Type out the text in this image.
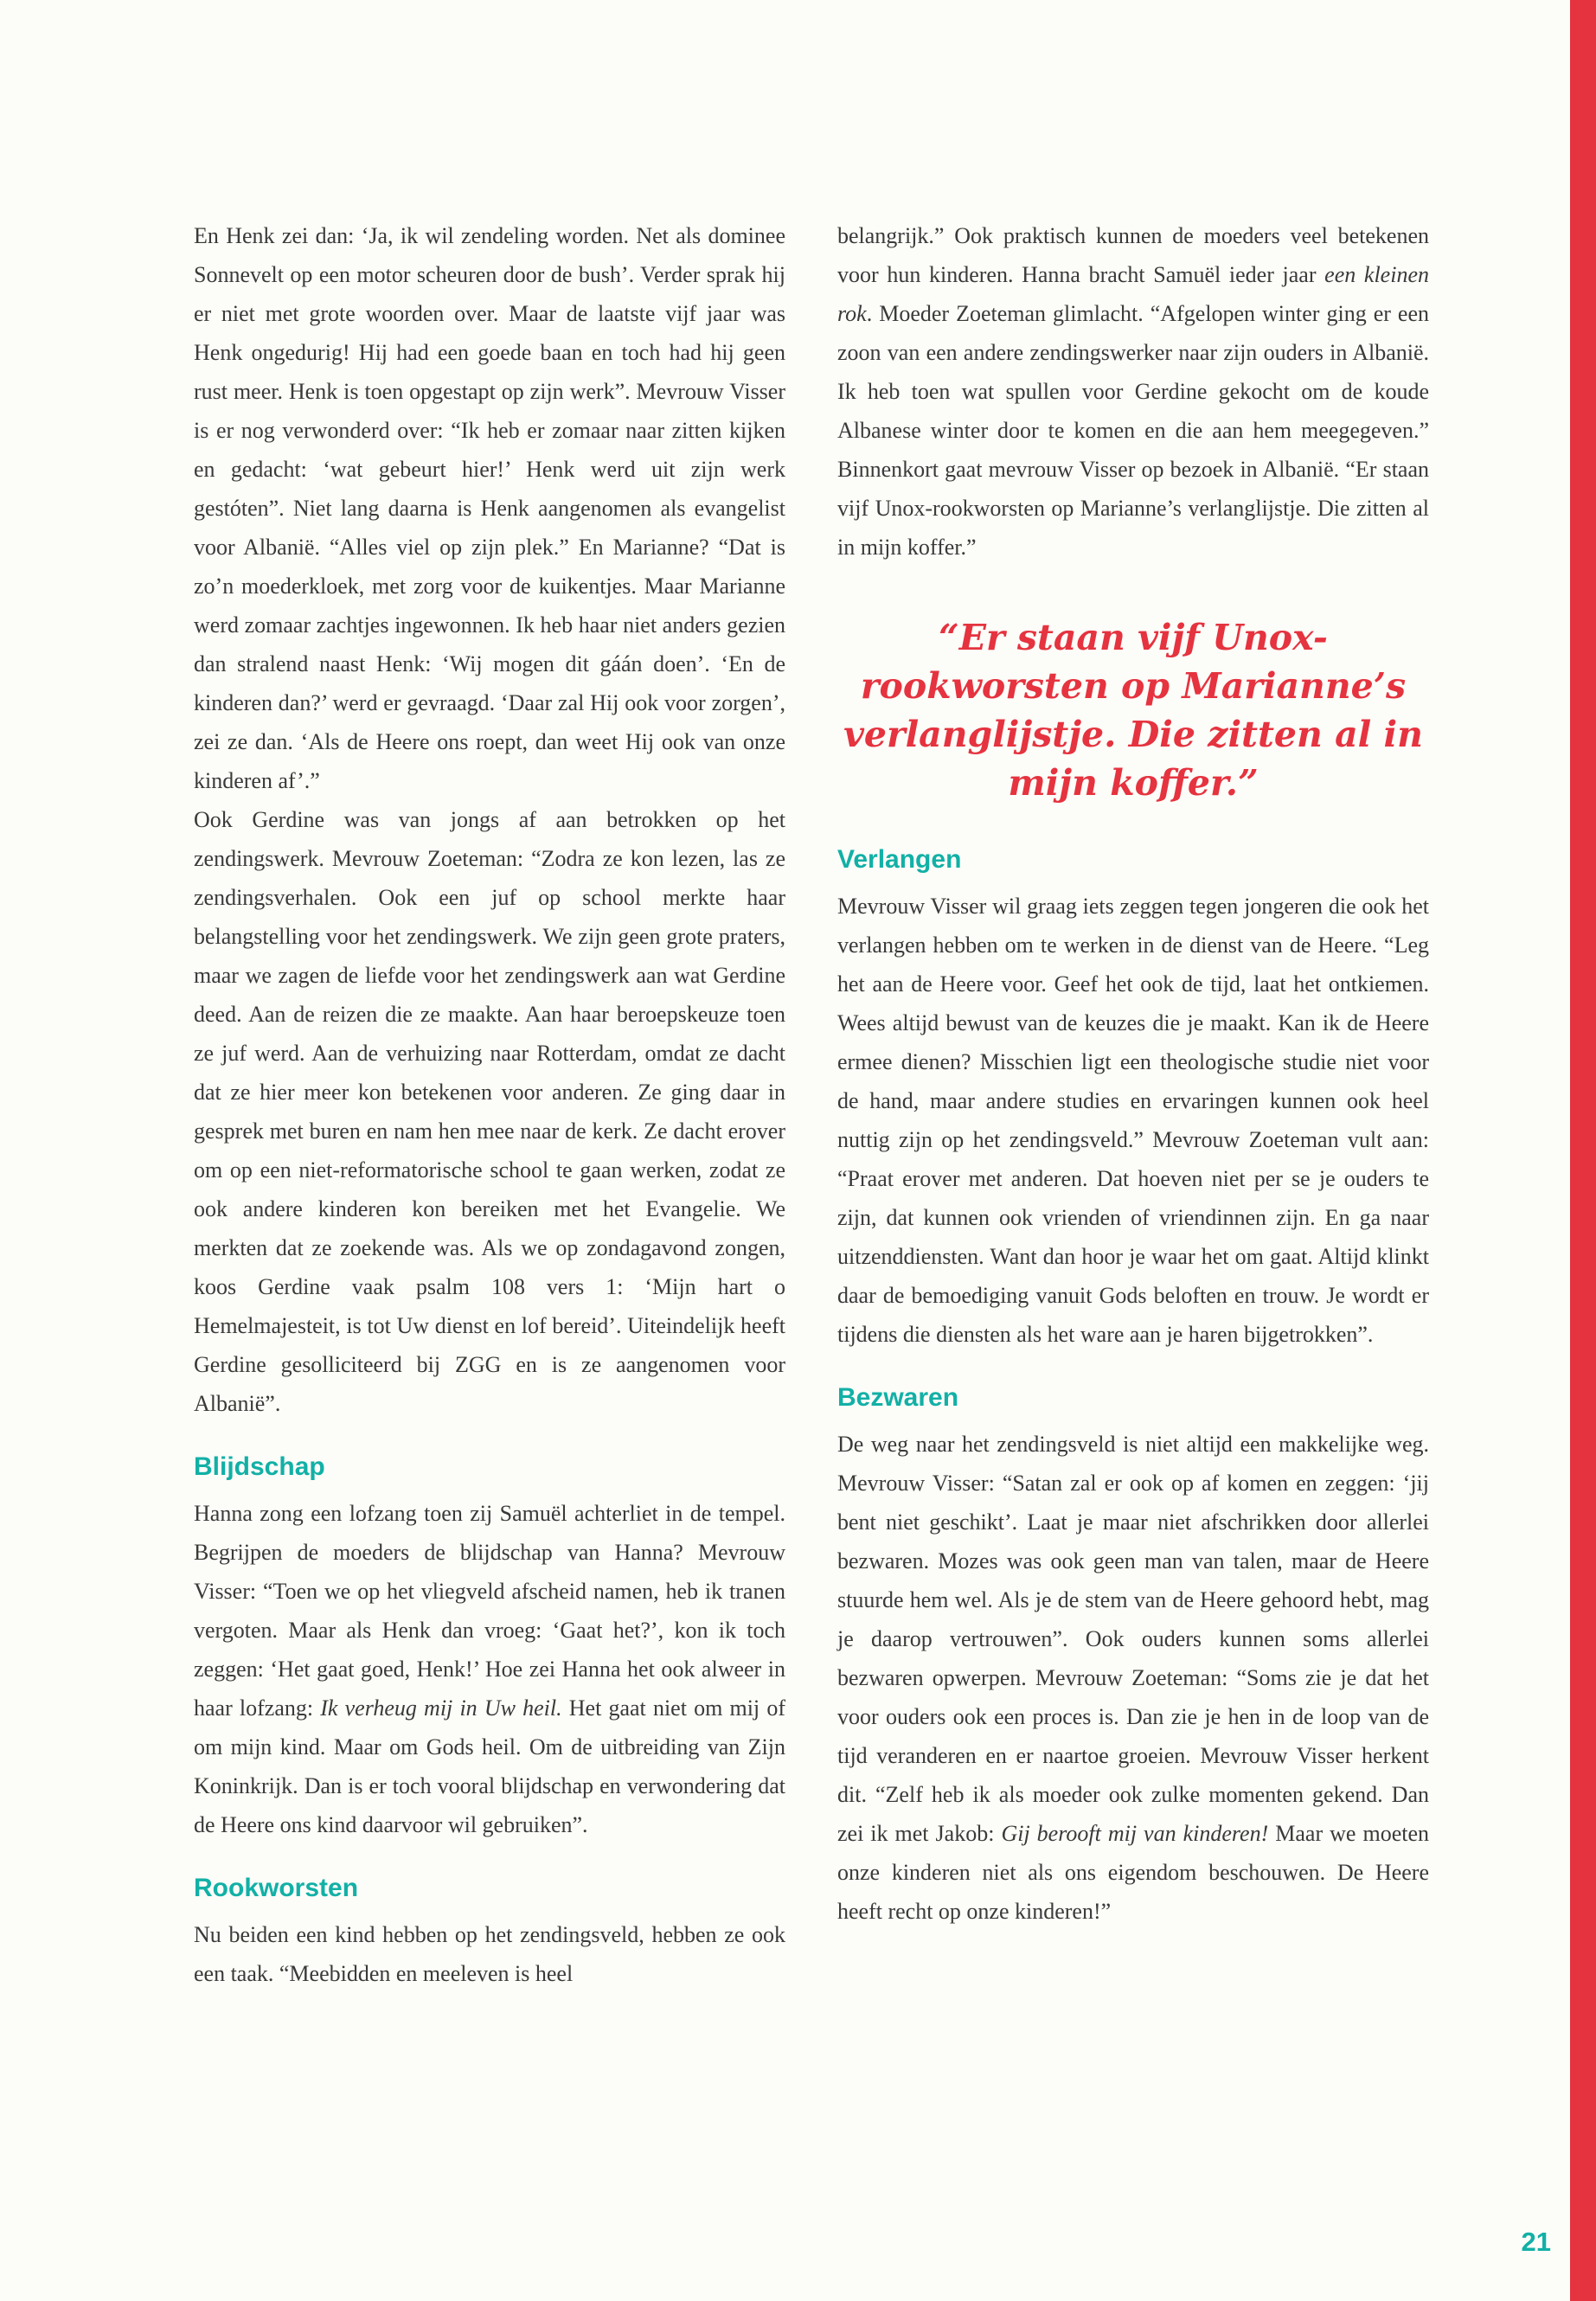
En Henk zei dan: ‘Ja, ik wil zendeling worden. Net als dominee Sonnevelt op een motor scheuren door de bush’. Verder sprak hij er niet met grote woorden over. Maar de laatste vijf jaar was Henk ongedurig! Hij had een goede baan en toch had hij geen rust meer. Henk is toen opgestapt op zijn werk”. Mevrouw Visser is er nog verwonderd over: “Ik heb er zomaar naar zitten kijken en gedacht: ‘wat gebeurt hier!’ Henk werd uit zijn werk gestóten”. Niet lang daarna is Henk aangenomen als evangelist voor Albanië. “Alles viel op zijn plek.” En Marianne? “Dat is zo’n moederkloek, met zorg voor de kuikentjes. Maar Marianne werd zomaar zachtjes ingewonnen. Ik heb haar niet anders gezien dan stralend naast Henk: ‘Wij mogen dit gáán doen’. ‘En de kinderen dan?’ werd er gevraagd. ‘Daar zal Hij ook voor zorgen’, zei ze dan. ‘Als de Heere ons roept, dan weet Hij ook van onze kinderen af’.”

Ook Gerdine was van jongs af aan betrokken op het zendingswerk. Mevrouw Zoeteman: “Zodra ze kon lezen, las ze zendingsverhalen. Ook een juf op school merkte haar belangstelling voor het zendingswerk. We zijn geen grote praters, maar we zagen de liefde voor het zendingswerk aan wat Gerdine deed. Aan de reizen die ze maakte. Aan haar beroepskeuze toen ze juf werd. Aan de verhuizing naar Rotterdam, omdat ze dacht dat ze hier meer kon betekenen voor anderen. Ze ging daar in gesprek met buren en nam hen mee naar de kerk. Ze dacht erover om op een niet-reformatorische school te gaan werken, zodat ze ook andere kinderen kon bereiken met het Evangelie. We merkten dat ze zoekende was. Als we op zondagavond zongen, koos Gerdine vaak psalm 108 vers 1: ‘Mijn hart o Hemelmajesteit, is tot Uw dienst en lof bereid’. Uiteindelijk heeft Gerdine gesolliciteerd bij ZGG en is ze aangenomen voor Albanië”.

Blijdschap

Hanna zong een lofzang toen zij Samuël achterliet in de tempel. Begrijpen de moeders de blijdschap van Hanna? Mevrouw Visser: “Toen we op het vliegveld afscheid namen, heb ik tranen vergoten. Maar als Henk dan vroeg: ‘Gaat het?’, kon ik toch zeggen: ‘Het gaat goed, Henk!’ Hoe zei Hanna het ook alweer in haar lofzang: Ik verheug mij in Uw heil. Het gaat niet om mij of om mijn kind. Maar om Gods heil. Om de uitbreiding van Zijn Koninkrijk. Dan is er toch vooral blijdschap en verwondering dat de Heere ons kind daarvoor wil gebruiken”.

Rookworsten

Nu beiden een kind hebben op het zendingsveld, hebben ze ook een taak. “Meebidden en meeleven is heel

belangrijk.” Ook praktisch kunnen de moeders veel betekenen voor hun kinderen. Hanna bracht Samuël ieder jaar een kleinen rok. Moeder Zoeteman glimlacht. “Afgelopen winter ging er een zoon van een andere zendingswerker naar zijn ouders in Albanië. Ik heb toen wat spullen voor Gerdine gekocht om de koude Albanese winter door te komen en die aan hem meegegeven.” Binnenkort gaat mevrouw Visser op bezoek in Albanië. “Er staan vijf Unox-rookworsten op Marianne’s verlanglijstje. Die zitten al in mijn koffer.”

“Er staan vijf Unox-rookworsten op Marianne’s verlanglijstje. Die zitten al in mijn koffer.”
Verlangen

Mevrouw Visser wil graag iets zeggen tegen jongeren die ook het verlangen hebben om te werken in de dienst van de Heere. “Leg het aan de Heere voor. Geef het ook de tijd, laat het ontkiemen. Wees altijd bewust van de keuzes die je maakt. Kan ik de Heere ermee dienen? Misschien ligt een theologische studie niet voor de hand, maar andere studies en ervaringen kunnen ook heel nuttig zijn op het zendingsveld.” Mevrouw Zoeteman vult aan: “Praat erover met anderen. Dat hoeven niet per se je ouders te zijn, dat kunnen ook vrienden of vriendinnen zijn. En ga naar uitzenddiensten. Want dan hoor je waar het om gaat. Altijd klinkt daar de bemoediging vanuit Gods beloften en trouw. Je wordt er tijdens die diensten als het ware aan je haren bijgetrokken”.

Bezwaren

De weg naar het zendingsveld is niet altijd een makkelijke weg. Mevrouw Visser: “Satan zal er ook op af komen en zeggen: ‘jij bent niet geschikt’. Laat je maar niet afschrikken door allerlei bezwaren. Mozes was ook geen man van talen, maar de Heere stuurde hem wel. Als je de stem van de Heere gehoord hebt, mag je daarop vertrouwen”. Ook ouders kunnen soms allerlei bezwaren opwerpen. Mevrouw Zoeteman: “Soms zie je dat het voor ouders ook een proces is. Dan zie je hen in de loop van de tijd veranderen en er naartoe groeien. Mevrouw Visser herkent dit. “Zelf heb ik als moeder ook zulke momenten gekend. Dan zei ik met Jakob: Gij berooft mij van kinderen! Maar we moeten onze kinderen niet als ons eigendom beschouwen. De Heere heeft recht op onze kinderen!”

21
